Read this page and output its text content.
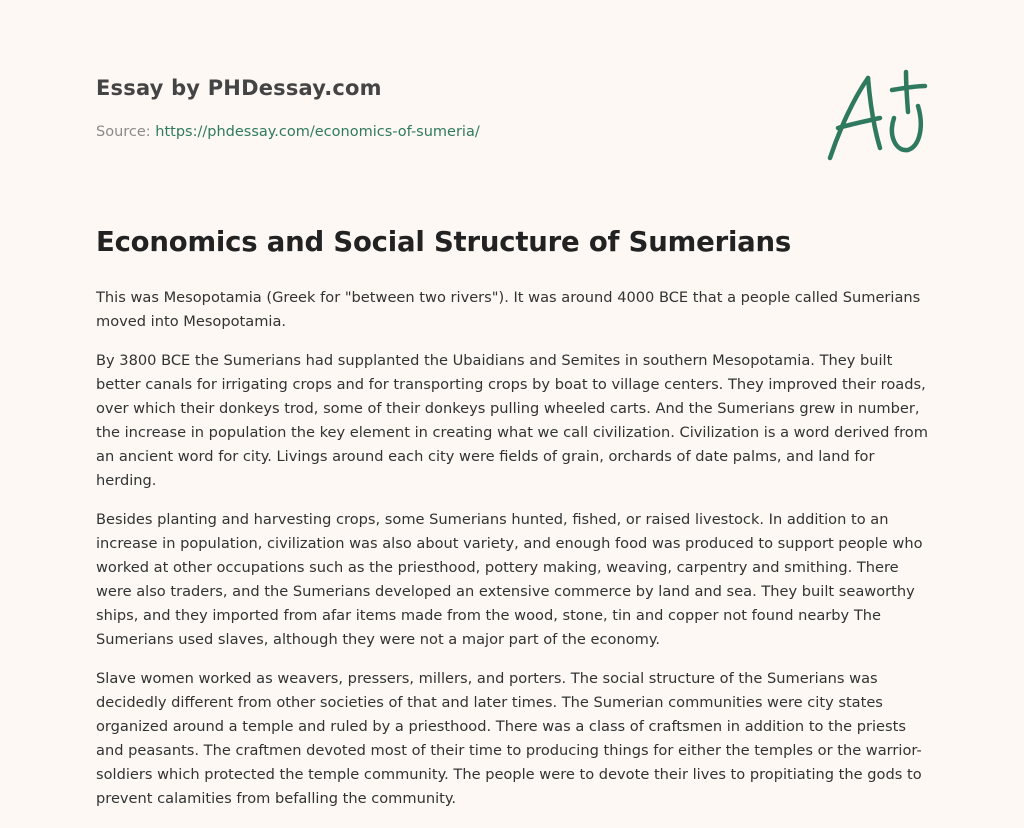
Essay by PHDessay.com

Source: https://phdessay.com/economics-of-sumeria/

Economics and Social Structure of Sumerians

This was Mesopotamia (Greek for "between two rivers"). It was around 4000 BCE that a people called Sumerians moved into Mesopotamia.

By 3800 BCE the Sumerians had supplanted the Ubaidians and Semites in southern Mesopotamia. They built better canals for irrigating crops and for transporting crops by boat to village centers. They improved their roads, over which their donkeys trod, some of their donkeys pulling wheeled carts. And the Sumerians grew in number, the increase in population the key element in creating what we call civilization. Civilization is a word derived from an ancient word for city. Livings around each city were fields of grain, orchards of date palms, and land for herding.

Besides planting and harvesting crops, some Sumerians hunted, fished, or raised livestock. In addition to an increase in population, civilization was also about variety, and enough food was produced to support people who worked at other occupations such as the priesthood, pottery making, weaving, carpentry and smithing. There were also traders, and the Sumerians developed an extensive commerce by land and sea. They built seaworthy ships, and they imported from afar items made from the wood, stone, tin and copper not found nearby The Sumerians used slaves, although they were not a major part of the economy.

Slave women worked as weavers, pressers, millers, and porters. The social structure of the Sumerians was decidedly different from other societies of that and later times. The Sumerian communities were city states organized around a temple and ruled by a priesthood. There was a class of craftsmen in addition to the priests and peasants. The craftmen devoted most of their time to producing things for either the temples or the warrior-soldiers which protected the temple community. The people were to devote their lives to propitiating the gods to prevent calamities from befalling the community.
